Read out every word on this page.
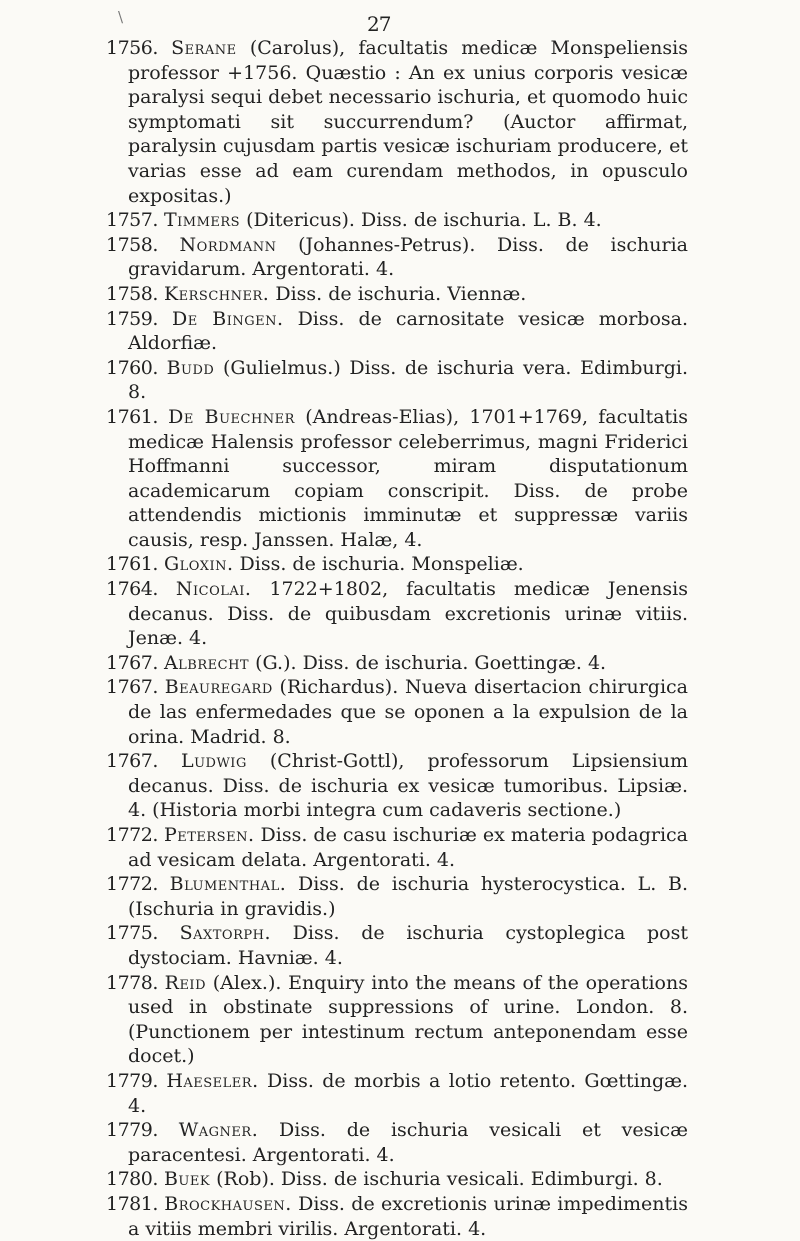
\	27

1756. Serane (Carolus), facultatis medicæ Monspeliensis professor +1756. Quæstio : An ex unius corporis vesicæ paralysi sequi debet necessario ischuria, et quomodo huic symptomati sit succurrendum? (Auctor affirmat, paralysin cujusdam partis vesicæ ischuriam producere, et varias esse ad eam curendam methodos, in opusculo expositas.)

1757. Timmers (Ditericus). Diss. de ischuria. L. B. 4.

1758. Nordmann (Johannes-Petrus). Diss. de ischuria gravidarum. Argentorati. 4.

1758. Kerschner. Diss. de ischuria. Viennæ.

1759. De Bingen. Diss. de carnositate vesicæ morbosa. Aldorfiæ.

1760. Budd (Gulielmus.) Diss. de ischuria vera. Edimburgi. 8.

1761. De Buechner (Andreas-Elias), 1701+1769, facultatis medicæ Halensis professor celeberrimus, magni Friderici Hoffmanni successor, miram disputationum academicarum copiam conscripit. Diss. de probe attendendis mictionis imminutæ et suppressæ variis causis, resp. Janssen. Halæ, 4.

1761. Gloxin. Diss. de ischuria. Monspeliæ.

1764. Nicolai. 1722+1802, facultatis medicæ Jenensis decanus. Diss. de quibusdam excretionis urinæ vitiis. Jenæ. 4.

1767. Albrecht (G.). Diss. de ischuria. Goettingæ. 4.

1767. Beauregard (Richardus). Nueva disertacion chirurgica de las enfermedades que se oponen a la expulsion de la orina. Madrid. 8.

1767. Ludwig (Christ-Gottl), professorum Lipsiensium decanus. Diss. de ischuria ex vesicæ tumoribus. Lipsiæ. 4. (Historia morbi integra cum cadaveris sectione.)

1772. Petersen. Diss. de casu ischuriæ ex materia podagrica ad vesicam delata. Argentorati. 4.

1772. Blumenthal. Diss. de ischuria hysterocystica. L. B. (Ischuria in gravidis.)

1775. Saxtorph. Diss. de ischuria cystoplegica post dystociam. Havniæ. 4.

1778. Reid (Alex.). Enquiry into the means of the operations used in obstinate suppressions of urine. London. 8. (Punctionem per intestinum rectum anteponendam esse docet.)

1779. Haeseler. Diss. de morbis a lotio retento. Gœttingæ. 4.

1779. Wagner. Diss. de ischuria vesicali et vesicæ paracentesi. Argentorati. 4.

1780. Buek (Rob). Diss. de ischuria vesicali. Edimburgi. 8.

1781. Brockhausen. Diss. de excretionis urinæ impedimentis a vitiis membri virilis. Argentorati. 4.
